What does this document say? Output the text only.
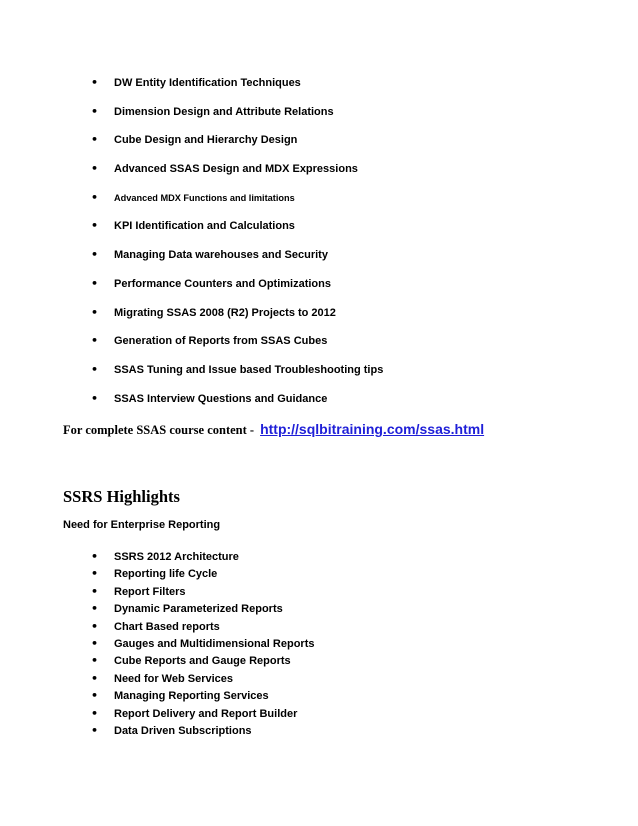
• DW Entity Identification Techniques
• Dimension Design and Attribute Relations
• Cube Design and Hierarchy Design
• Advanced SSAS Design and MDX Expressions
• Advanced MDX Functions and limitations
• KPI Identification and Calculations
• Managing Data warehouses and Security
• Performance Counters and Optimizations
• Migrating SSAS 2008 (R2) Projects to 2012
• Generation of Reports from SSAS Cubes
• SSAS Tuning and Issue based Troubleshooting tips
• SSAS Interview Questions and Guidance
For complete SSAS course content - http://sqlbitraining.com/ssas.html
SSRS Highlights

Need for Enterprise Reporting

• SSRS 2012 Architecture
• Reporting life Cycle
• Report Filters
• Dynamic Parameterized Reports
• Chart Based reports
• Gauges and Multidimensional Reports
• Cube Reports and Gauge Reports
• Need for Web Services
• Managing Reporting Services
• Report Delivery and Report Builder
• Data Driven Subscriptions
